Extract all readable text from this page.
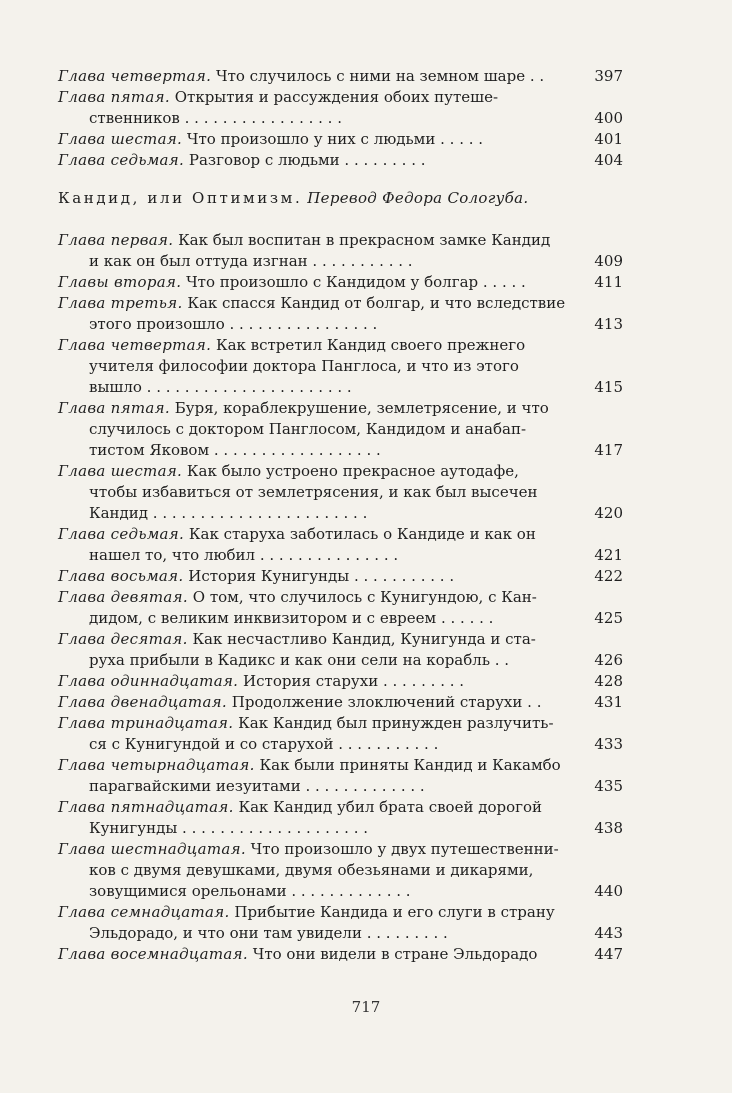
Глава четвертая. Что случилось с ними на земном шаре . .	397
Глава пятая. Открытия и рассуждения обоих путеше-
ственников . . . . . . . . . . . . . . . . .	400
Глава шестая. Что произошло у них с людьми . . . . .	401
Глава седьмая. Разговор с людьми . . . . . . . . .	404
Кандид, или Оптимизм. Перевод Федора Сологуба.
Глава первая. Как был воспитан в прекрасном замке Кандид
и как он был оттуда изгнан . . . . . . . . . . .	409
Главы вторая. Что произошло с Кандидом у болгар . . . . .	411
Глава третья. Как спасся Кандид от болгар, и что вследствие
этого произошло . . . . . . . . . . . . . . . .	413
Глава четвертая. Как встретил Кандид своего прежнего
учителя философии доктора Панглоса, и что из этого
вышло . . . . . . . . . . . . . . . . . . . . . .	415
Глава пятая. Буря, кораблекрушение, землетрясение, и что
случилось с доктором Панглосом, Кандидом и анабап-
тистом Яковом . . . . . . . . . . . . . . . . . .	417
Глава шестая. Как было устроено прекрасное аутодафе,
чтобы избавиться от землетрясения, и как был высечен
Кандид . . . . . . . . . . . . . . . . . . . . . . .	420
Глава седьмая. Как старуха заботилась о Кандиде и как он
нашел то, что любил . . . . . . . . . . . . . . .	421
Глава восьмая. История Кунигунды . . . . . . . . . . .	422
Глава девятая. О том, что случилось с Кунигундою, с Кан-
дидом, с великим инквизитором и с евреем . . . . . .	425
Глава десятая. Как несчастливо Кандид, Кунигунда и ста-
руха прибыли в Кадикс и как они сели на корабль . .	426
Глава одиннадцатая. История старухи . . . . . . . . .	428
Глава двенадцатая. Продолжение злоключений старухи . .	431
Глава тринадцатая. Как Кандид был принужден разлучить-
ся с Кунигундой и со старухой . . . . . . . . . . .	433
Глава четырнадцатая. Как были приняты Кандид и Какамбо
парагвайскими иезуитами . . . . . . . . . . . . .	435
Глава пятнадцатая. Как Кандид убил брата своей дорогой
Кунигунды . . . . . . . . . . . . . . . . . . . .	438
Глава шестнадцатая. Что произошло у двух путешественни-
ков с двумя девушками, двумя обезьянами и дикарями,
зовущимися орельонами . . . . . . . . . . . . .	440
Глава семнадцатая. Прибытие Кандида и его слуги в страну
Эльдорадо, и что они там увидели . . . . . . . . .	443
Глава восемнадцатая. Что они видели в стране Эльдорадо	447
717
